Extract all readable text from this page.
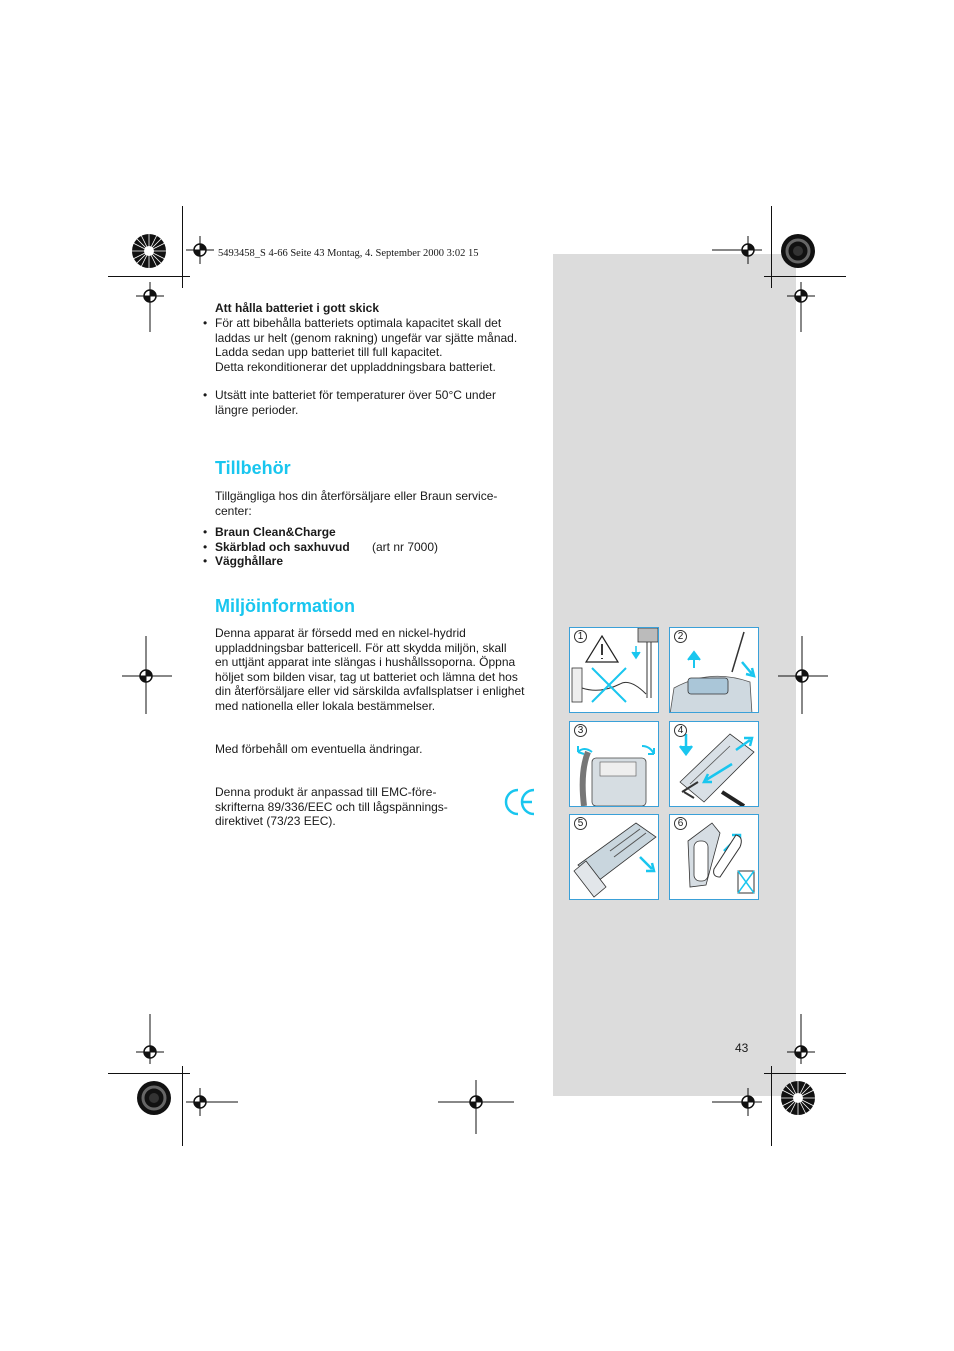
5493458_S 4-66 Seite 43 Montag, 4. September 2000 3:02 15
Att hålla batteriet i gott skick
• För att bibehålla batteriets optimala kapacitet skall det
laddas ur helt (genom rakning) ungefär var sjätte månad.
Ladda sedan upp batteriet till full kapacitet.
Detta rekonditionerar det uppladdningsbara batteriet.
• Utsätt inte batteriet för temperaturer över 50°C under
längre perioder.
Tillbehör
Tillgängliga hos din återförsäljare eller Braun service-
center:
• Braun Clean&Charge
• Skärblad och saxhuvud (art nr 7000)
• Vägghållare
Miljöinformation
Denna apparat är försedd med en nickel-hydrid
uppladdningsbar battericell. För att skydda miljön, skall
en uttjänt apparat inte slängas i hushållssoporna. Öppna
höljet som bilden visar, tag ut batteriet och lämna det hos
din återförsäljare eller vid särskilda avfallsplatser i enlighet
med nationella eller lokala bestämmelser.
Med förbehåll om eventuella ändringar.
Denna produkt är anpassad till EMC-före-
skrifterna 89/336/EEC och till lågspännings-
direktivet (73/23 EEC).
1	2
3	4
5	6
43
